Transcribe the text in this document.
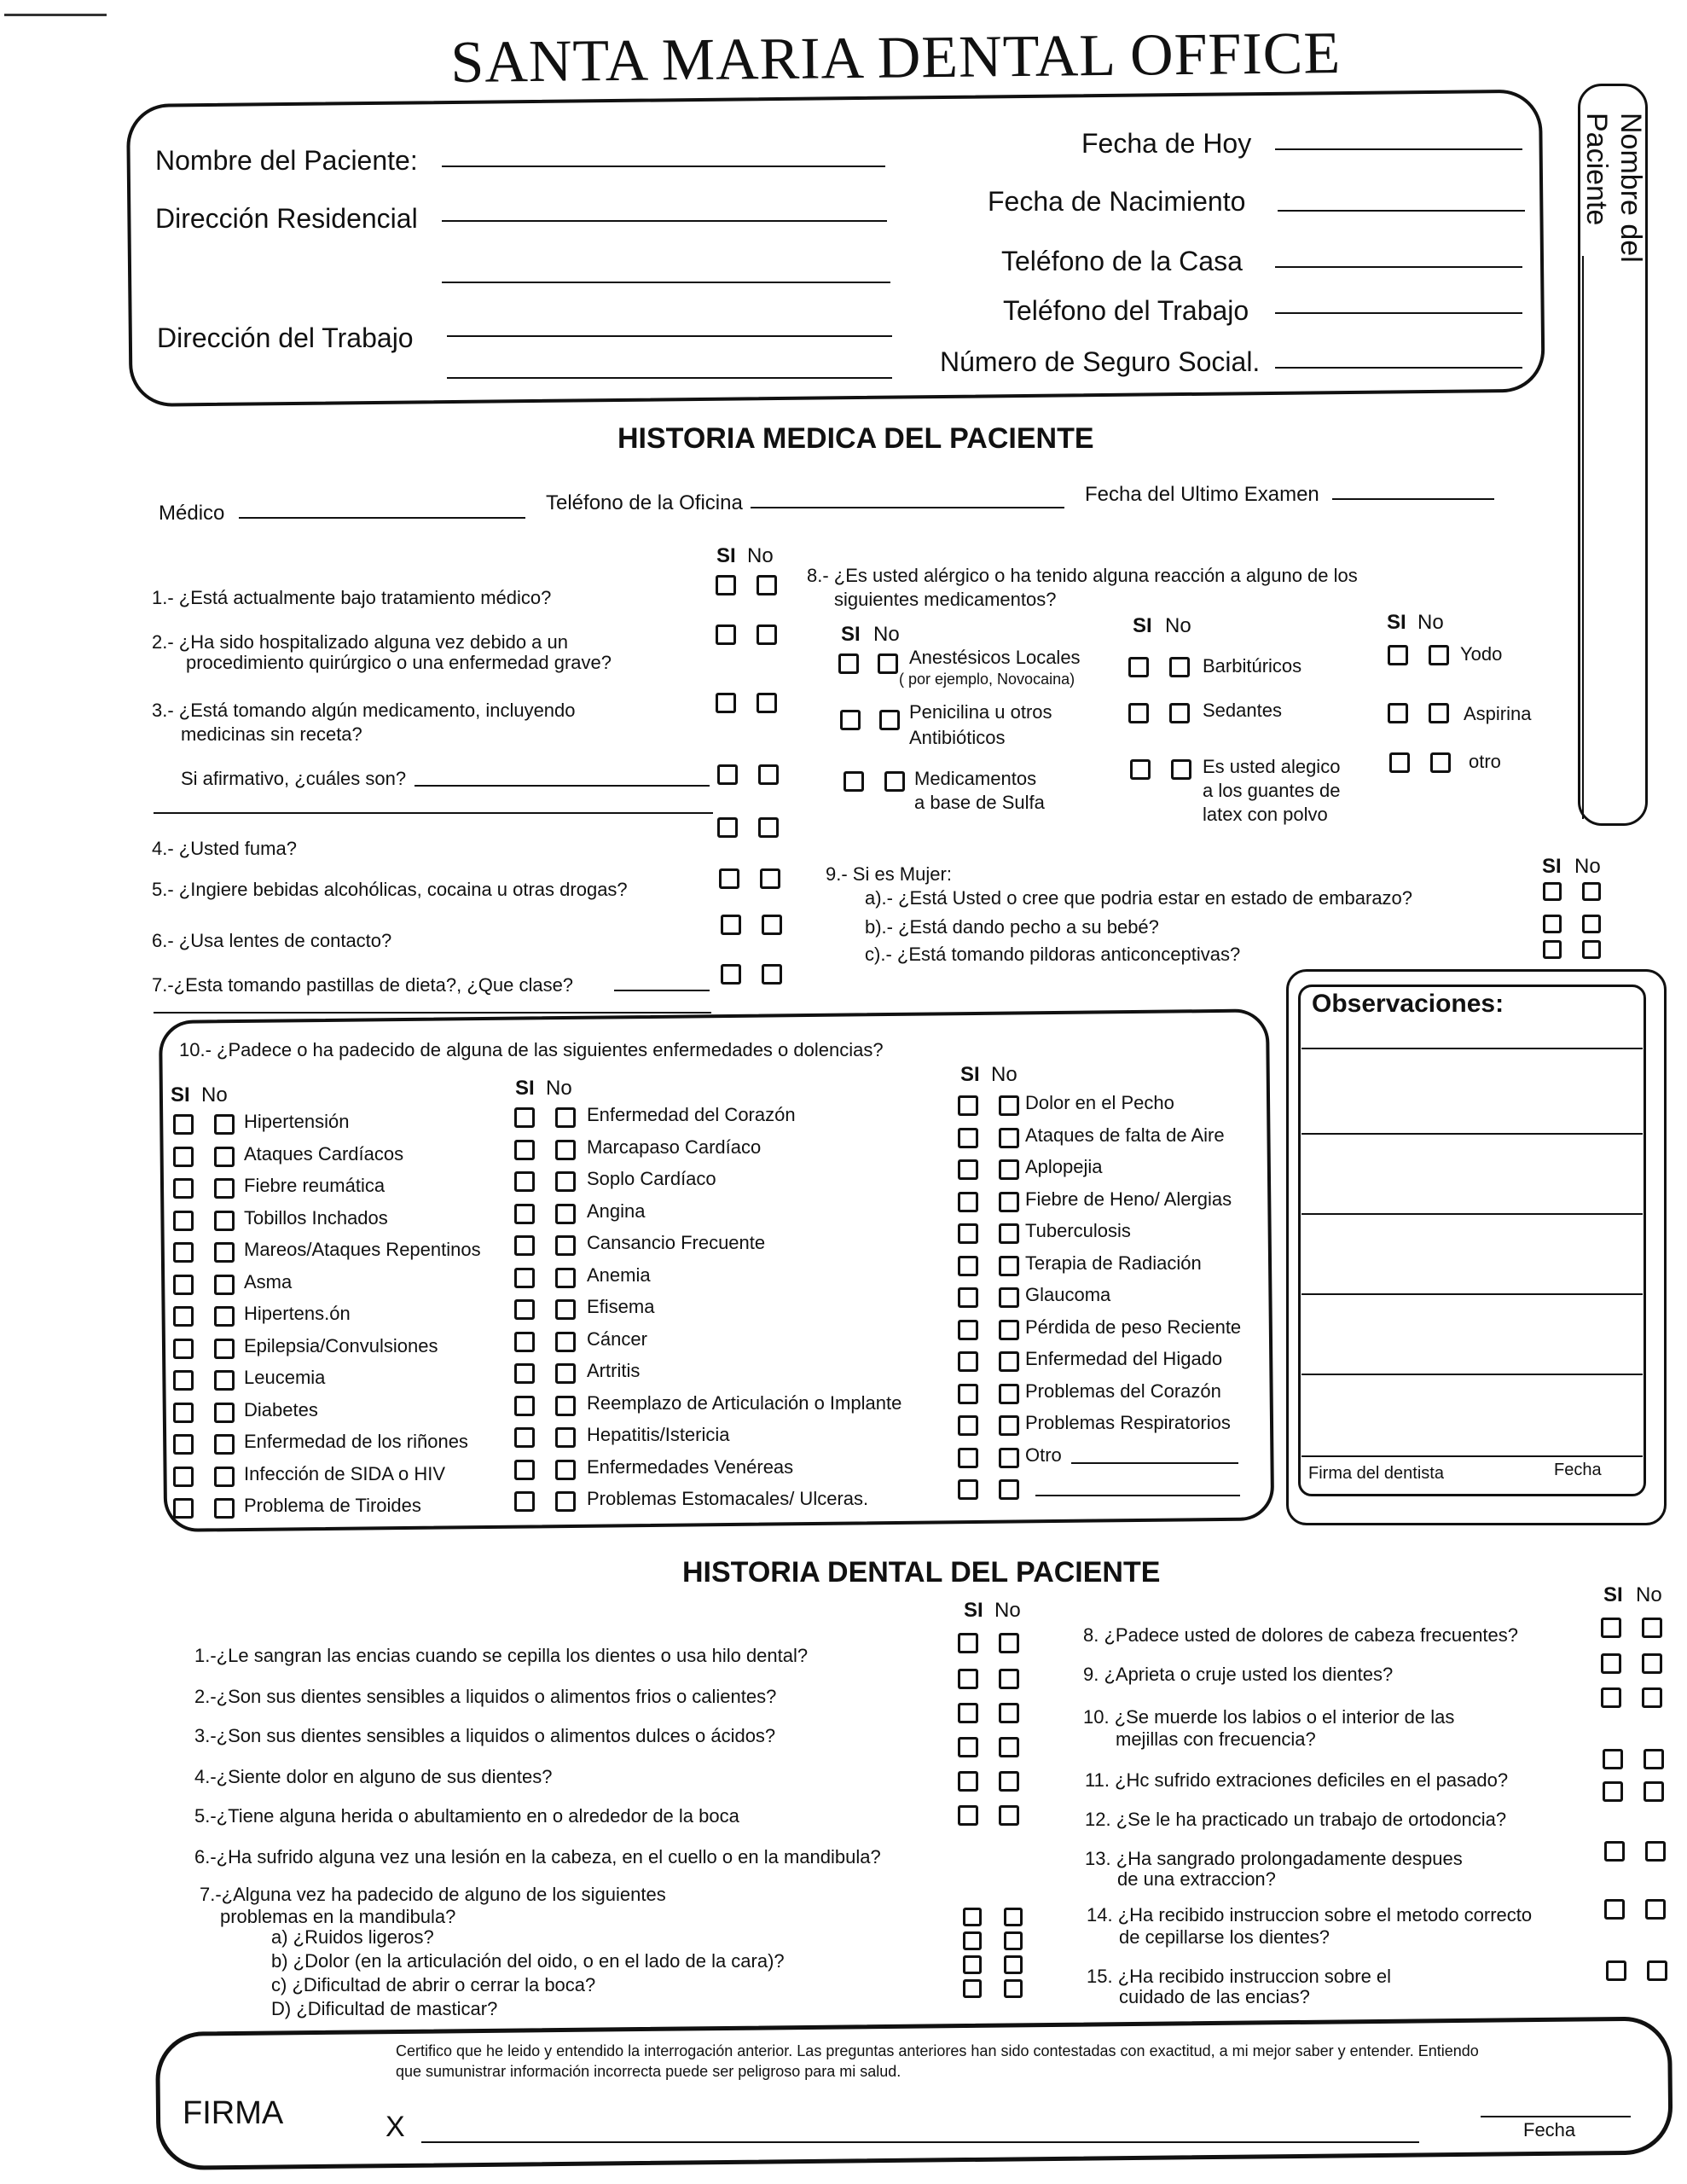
SANTA MARIA DENTAL OFFICE
Nombre del Paciente:
Dirección Residencial
Dirección del Trabajo
Fecha de Hoy
Fecha de Nacimiento
Teléfono de la Casa
Teléfono del Trabajo
Número de Seguro Social.
Nombre del Paciente
HISTORIA MEDICA DEL PACIENTE
Médico	Teléfono de la Oficina	Fecha del Ultimo Examen
SI No
1.- ¿Está actualmente bajo tratamiento médico?
2.- ¿Ha sido hospitalizado alguna vez debido a un
procedimiento quirúrgico o una enfermedad grave?
3.- ¿Está tomando algún medicamento, incluyendo
medicinas sin receta?
Si afirmativo, ¿cuáles son?
4.- ¿Usted fuma?
5.- ¿Ingiere bebidas alcohólicas, cocaina u otras drogas?
6.- ¿Usa lentes de contacto?
7.-¿Esta tomando pastillas de dieta?, ¿Que clase?
8.- ¿Es usted alérgico o ha tenido alguna reacción a alguno de los
siguientes medicamentos?
SI No	SI No	SI No
Anestésicos Locales
( por ejemplo, Novocaina)
Penicilina u otros
Antibióticos
Medicamentos
a base de Sulfa
Barbitúricos
Sedantes
Es usted alegico
a los guantes de
latex con polvo
Yodo
Aspirina
otro
9.- Si es Mujer:
a).- ¿Está Usted o cree que podria estar en estado de embarazo?
b).- ¿Está dando pecho a su bebé?
c).- ¿Está tomando pildoras anticonceptivas?
SI No
10.- ¿Padece o ha padecido de alguna de las siguientes enfermedades o dolencias?
SI No	SI No
SI No
Hipertensión
Ataques Cardíacos
Fiebre reumática
Tobillos Inchados
Mareos/Ataques Repentinos
Asma
Hipertens.ón
Epilepsia/Convulsiones
Leucemia
Diabetes
Enfermedad de los riñones
Infección de SIDA o HIV
Problema de Tiroides
Enfermedad del Corazón
Marcapaso Cardíaco
Soplo Cardíaco
Angina
Cansancio Frecuente
Anemia
Efisema
Cáncer
Artritis
Reemplazo de Articulación o Implante
Hepatitis/Istericia
Enfermedades Venéreas
Problemas Estomacales/ Ulceras.
Dolor en el Pecho
Ataques de falta de Aire
Aplopejia
Fiebre de Heno/ Alergias
Tuberculosis
Terapia de Radiación
Glaucoma
Pérdida de peso Reciente
Enfermedad del Higado
Problemas del Corazón
Problemas Respiratorios
Otro
Observaciones:
Firma del dentista	Fecha
HISTORIA DENTAL DEL PACIENTE
SI No
SI No
1.-¿Le sangran las encias cuando se cepilla los dientes o usa hilo dental?
2.-¿Son sus dientes sensibles a liquidos o alimentos frios o calientes?
3.-¿Son sus dientes sensibles a liquidos o alimentos dulces o ácidos?
4.-¿Siente dolor en alguno de sus dientes?
5.-¿Tiene alguna herida o abultamiento en o alrededor de la boca
6.-¿Ha sufrido alguna vez una lesión en la cabeza, en el cuello o en la mandibula?
7.-¿Alguna vez ha padecido de alguno de los siguientes
problemas en la mandibula?
a) ¿Ruidos ligeros?
b) ¿Dolor (en la articulación del oido, o en el lado de la cara)?
c) ¿Dificultad de abrir o cerrar la boca?
D) ¿Dificultad de masticar?
8. ¿Padece usted de dolores de cabeza frecuentes?
9. ¿Aprieta o cruje usted los dientes?
10. ¿Se muerde los labios o el interior de las
mejillas con frecuencia?
11. ¿Hc sufrido extraciones deficiles en el pasado?
12. ¿Se le ha practicado un trabajo de ortodoncia?
13. ¿Ha sangrado prolongadamente despues
de una extraccion?
14. ¿Ha recibido instruccion sobre el metodo correcto
de cepillarse los dientes?
15. ¿Ha recibido instruccion sobre el
cuidado de las encias?
Certifico que he leido y entendido la interrogación anterior. Las preguntas anteriores han sido contestadas con exactitud, a mi mejor saber y entender. Entiendo
que sumunistrar información incorrecta puede ser peligroso para mi salud.
FIRMA	X	Fecha
